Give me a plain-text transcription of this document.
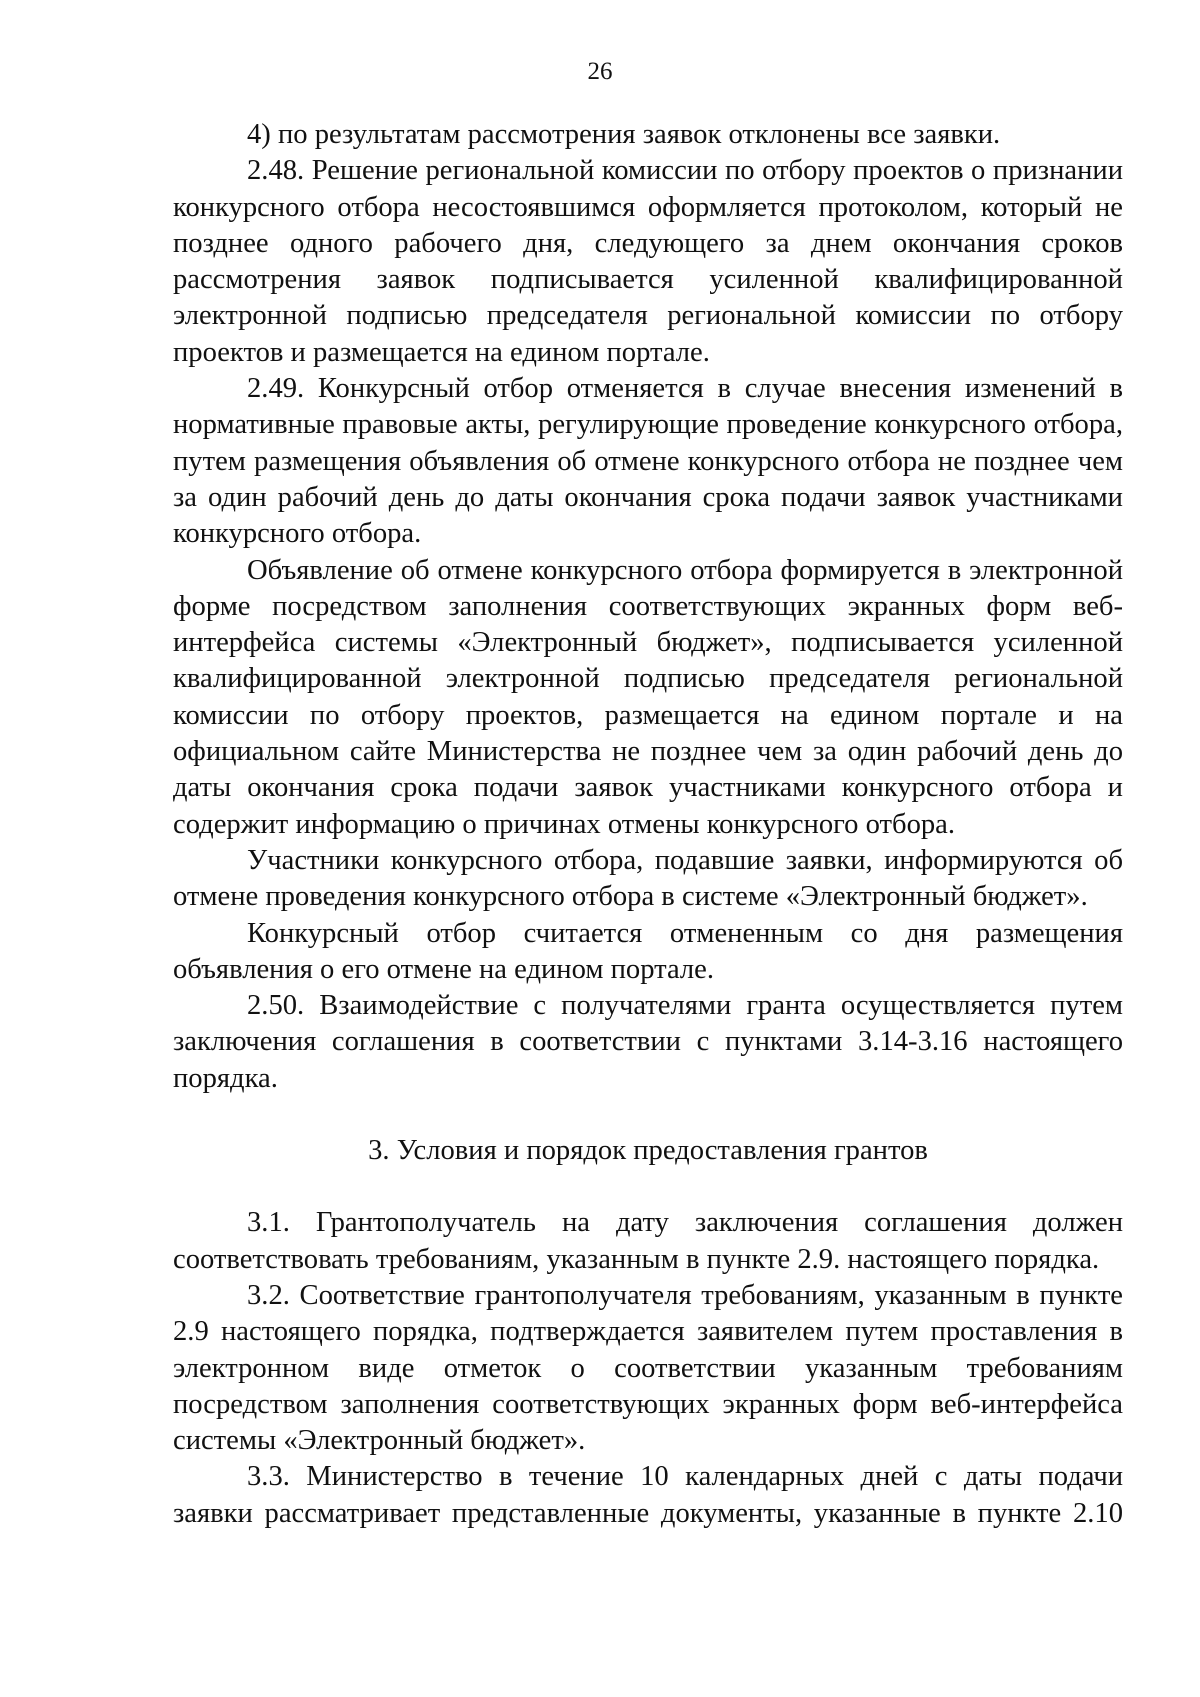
26

4) по результатам рассмотрения заявок отклонены все заявки.

2.48. Решение региональной комиссии по отбору проектов о признании конкурсного отбора несостоявшимся оформляется протоколом, который не позднее одного рабочего дня, следующего за днем окончания сроков рассмотрения заявок подписывается усиленной квалифицированной электронной подписью председателя региональной комиссии по отбору проектов и размещается на едином портале.

2.49. Конкурсный отбор отменяется в случае внесения изменений в нормативные правовые акты, регулирующие проведение конкурсного отбора, путем размещения объявления об отмене конкурсного отбора не позднее чем за один рабочий день до даты окончания срока подачи заявок участниками конкурсного отбора.

Объявление об отмене конкурсного отбора формируется в электронной форме посредством заполнения соответствующих экранных форм веб-интерфейса системы «Электронный бюджет», подписывается усиленной квалифицированной электронной подписью председателя региональной комиссии по отбору проектов, размещается на едином портале и на официальном сайте Министерства не позднее чем за один рабочий день до даты окончания срока подачи заявок участниками конкурсного отбора и содержит информацию о причинах отмены конкурсного отбора.

Участники конкурсного отбора, подавшие заявки, информируются об отмене проведения конкурсного отбора в системе «Электронный бюджет».

Конкурсный отбор считается отмененным со дня размещения объявления о его отмене на едином портале.

2.50. Взаимодействие с получателями гранта осуществляется путем заключения соглашения в соответствии с пунктами 3.14-3.16 настоящего порядка.

3. Условия и порядок предоставления грантов

3.1. Грантополучатель на дату заключения соглашения должен соответствовать требованиям, указанным в пункте 2.9. настоящего порядка.

3.2. Соответствие грантополучателя требованиям, указанным в пункте 2.9 настоящего порядка, подтверждается заявителем путем проставления в электронном виде отметок о соответствии указанным требованиям посредством заполнения соответствующих экранных форм веб-интерфейса системы «Электронный бюджет».

3.3. Министерство в течение 10 календарных дней с даты подачи заявки рассматривает представленные документы, указанные в пункте 2.10
